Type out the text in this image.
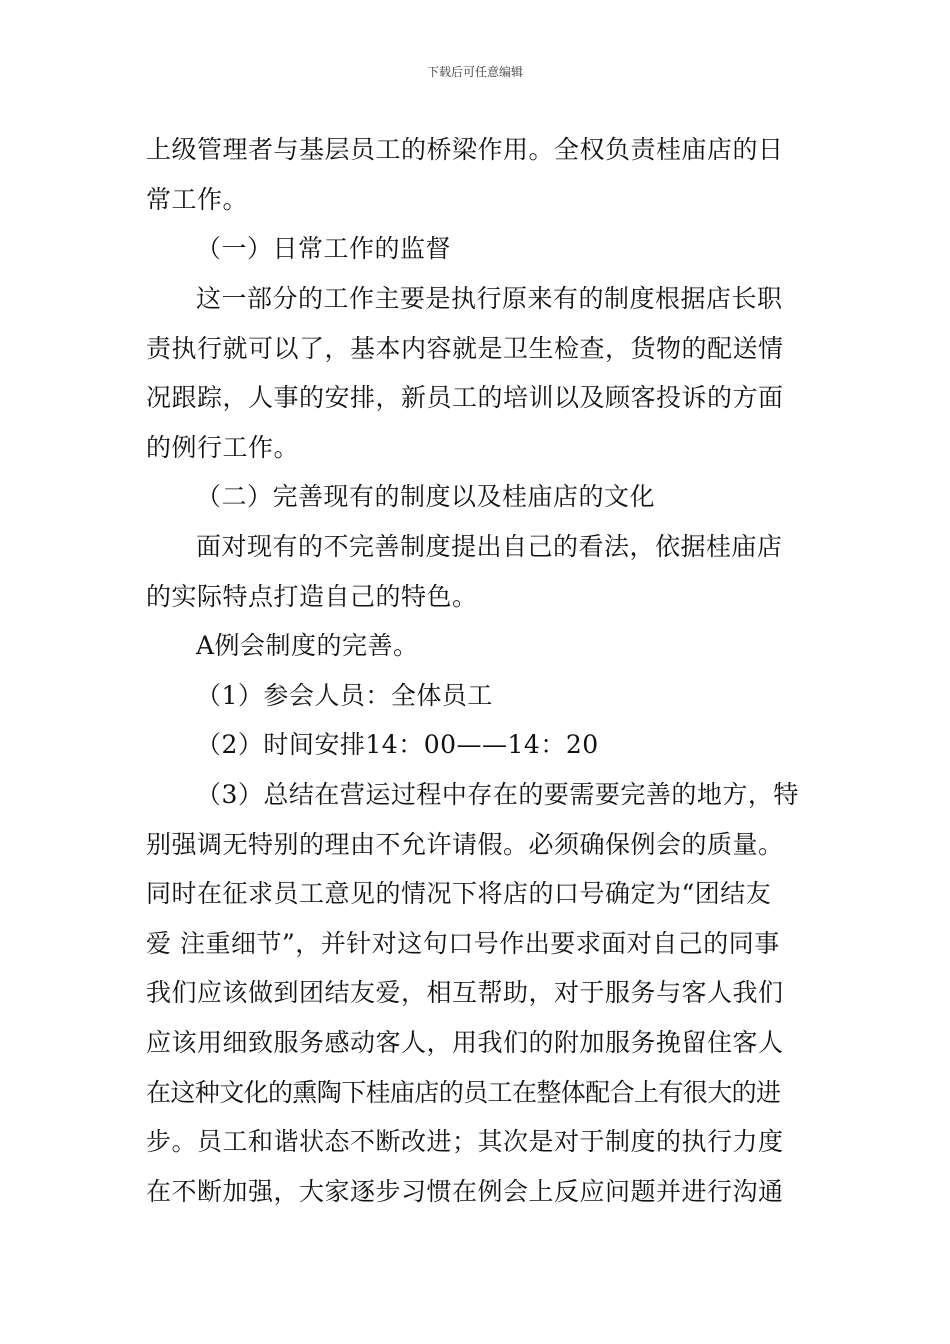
下载后可任意编辑
上级管理者与基层员工的桥梁作用。全权负责桂庙店的日
常工作。
（一）日常工作的监督
这一部分的工作主要是执行原来有的制度根据店长职
责执行就可以了，基本内容就是卫生检查，货物的配送情
况跟踪，人事的安排，新员工的培训以及顾客投诉的方面
的例行工作。
（二）完善现有的制度以及桂庙店的文化
面对现有的不完善制度提出自己的看法，依据桂庙店
的实际特点打造自己的特色。
A例会制度的完善。
（1）参会人员：全体员工
（2）时间安排14：00——14：20
（3）总结在营运过程中存在的要需要完善的地方，特
别强调无特别的理由不允许请假。必须确保例会的质量。
同时在征求员工意见的情况下将店的口号确定为“团结友
爱 注重细节”，并针对这句口号作出要求面对自己的同事
我们应该做到团结友爱，相互帮助，对于服务与客人我们
应该用细致服务感动客人，用我们的附加服务挽留住客人
在这种文化的熏陶下桂庙店的员工在整体配合上有很大的进
步。员工和谐状态不断改进；其次是对于制度的执行力度
在不断加强，大家逐步习惯在例会上反应问题并进行沟通
